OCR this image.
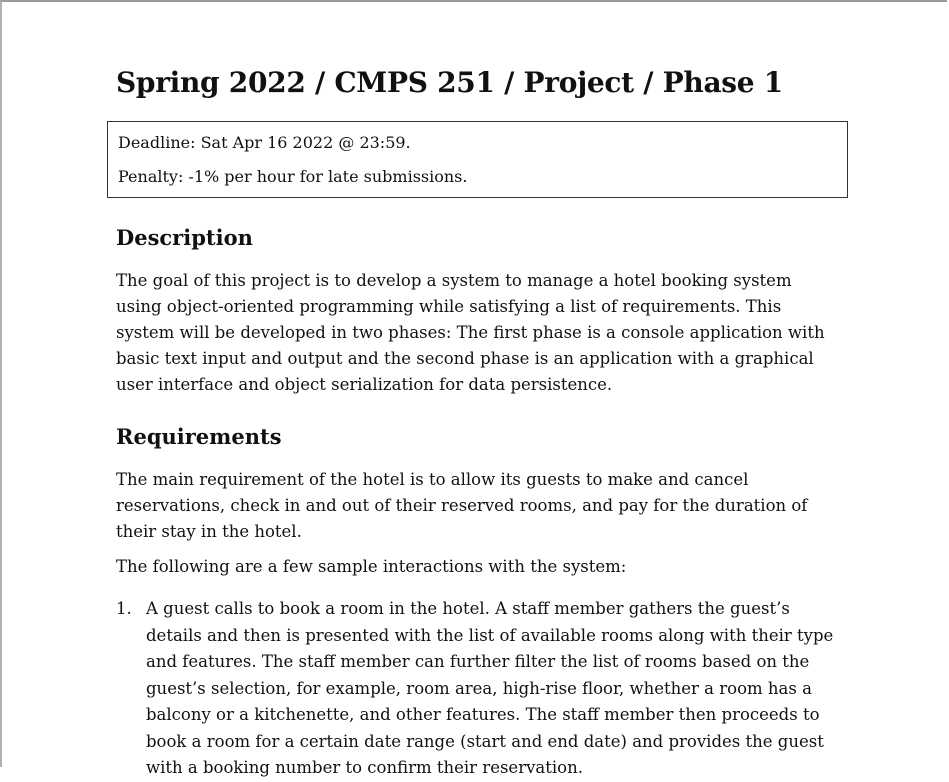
Spring 2022 / CMPS 251 / Project / Phase 1

Deadline: Sat Apr 16 2022 @ 23:59.

Penalty: -1% per hour for late submissions.

Description

The goal of this project is to develop a system to manage a hotel booking system using object-oriented programming while satisfying a list of requirements. This system will be developed in two phases: The first phase is a console application with basic text input and output and the second phase is an application with a graphical user interface and object serialization for data persistence.

Requirements

The main requirement of the hotel is to allow its guests to make and cancel reservations, check in and out of their reserved rooms, and pay for the duration of their stay in the hotel.

The following are a few sample interactions with the system:

1. A guest calls to book a room in the hotel. A staff member gathers the guest’s details and then is presented with the list of available rooms along with their type and features. The staff member can further filter the list of rooms based on the guest’s selection, for example, room area, high-rise floor, whether a room has a balcony or a kitchenette, and other features. The staff member then proceeds to book a room for a certain date range (start and end date) and provides the guest with a booking number to confirm their reservation.
